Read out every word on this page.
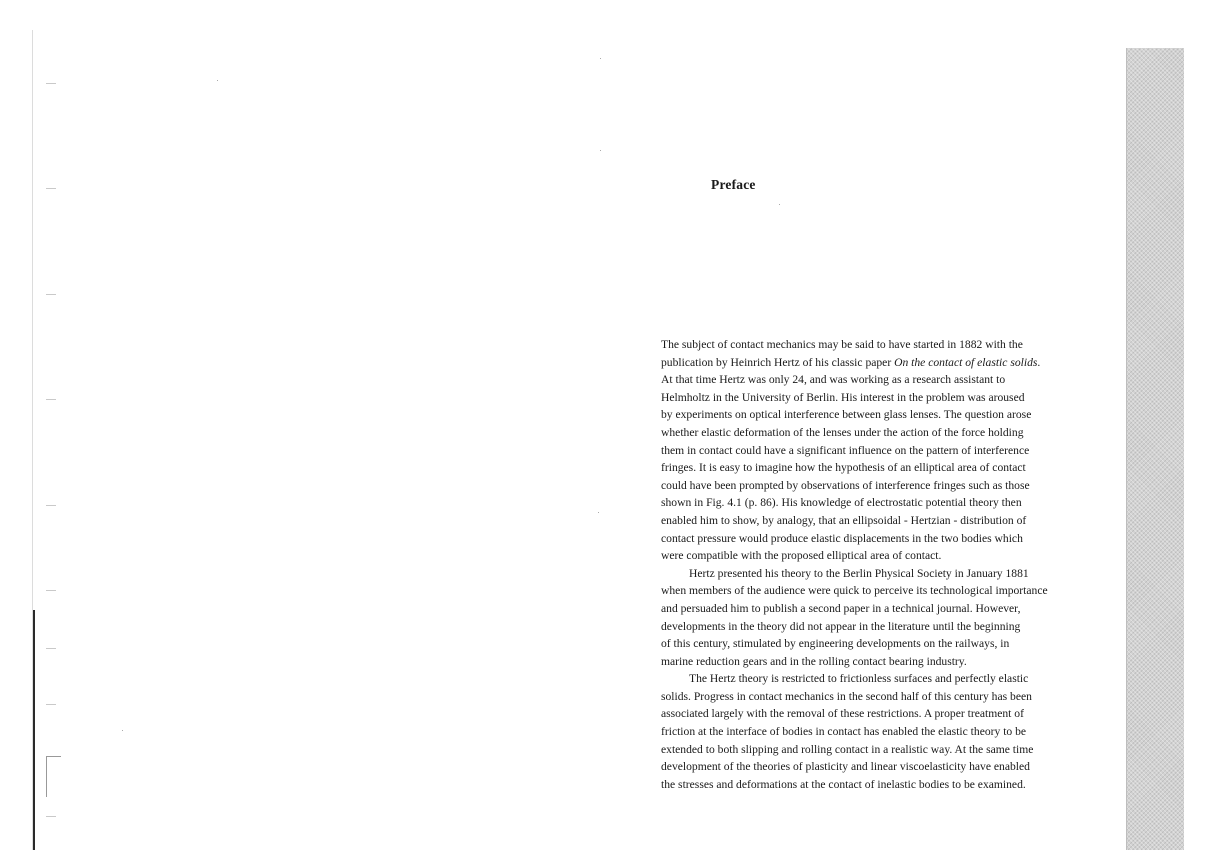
Preface
The subject of contact mechanics may be said to have started in 1882 with the
publication by Heinrich Hertz of his classic paper On the contact of elastic solids.
At that time Hertz was only 24, and was working as a research assistant to
Helmholtz in the University of Berlin. His interest in the problem was aroused
by experiments on optical interference between glass lenses. The question arose
whether elastic deformation of the lenses under the action of the force holding
them in contact could have a significant influence on the pattern of interference
fringes. It is easy to imagine how the hypothesis of an elliptical area of contact
could have been prompted by observations of interference fringes such as those
shown in Fig. 4.1 (p. 86). His knowledge of electrostatic potential theory then
enabled him to show, by analogy, that an ellipsoidal - Hertzian - distribution of
contact pressure would produce elastic displacements in the two bodies which
were compatible with the proposed elliptical area of contact.
Hertz presented his theory to the Berlin Physical Society in January 1881
when members of the audience were quick to perceive its technological importance
and persuaded him to publish a second paper in a technical journal. However,
developments in the theory did not appear in the literature until the beginning
of this century, stimulated by engineering developments on the railways, in
marine reduction gears and in the rolling contact bearing industry.
The Hertz theory is restricted to frictionless surfaces and perfectly elastic
solids. Progress in contact mechanics in the second half of this century has been
associated largely with the removal of these restrictions. A proper treatment of
friction at the interface of bodies in contact has enabled the elastic theory to be
extended to both slipping and rolling contact in a realistic way. At the same time
development of the theories of plasticity and linear viscoelasticity have enabled
the stresses and deformations at the contact of inelastic bodies to be examined.
